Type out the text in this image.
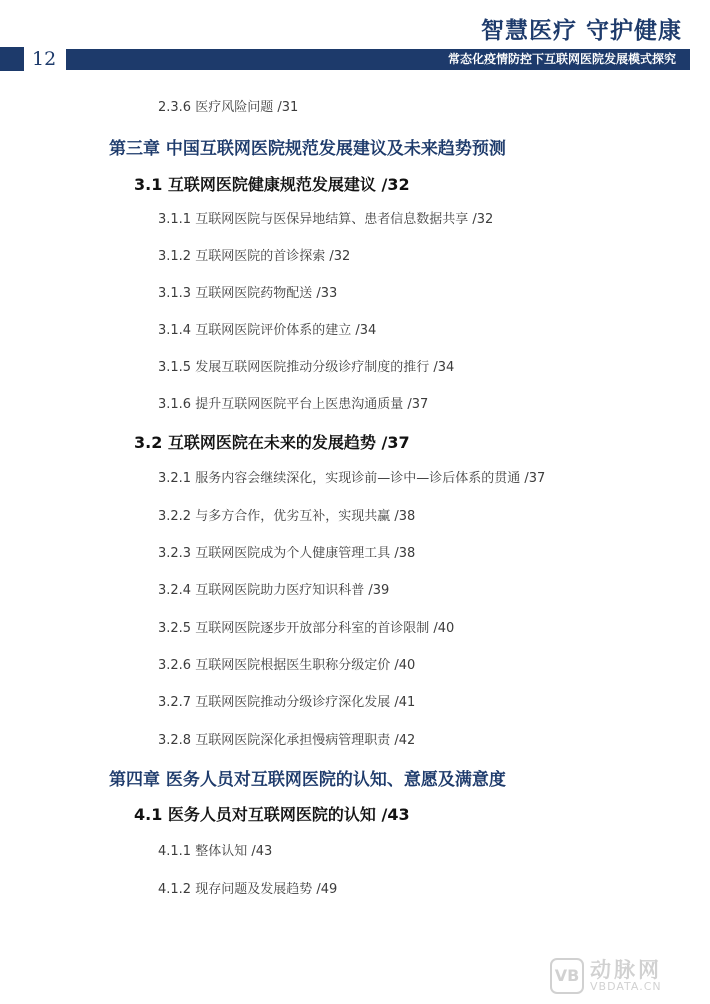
智慧医疗 守护健康
12	常态化疫情防控下互联网医院发展模式探究
2.3.6 医疗风险问题 /31
第三章 中国互联网医院规范发展建议及未来趋势预测
3.1 互联网医院健康规范发展建议 /32
3.1.1 互联网医院与医保异地结算、患者信息数据共享 /32
3.1.2 互联网医院的首诊探索 /32
3.1.3 互联网医院药物配送 /33
3.1.4 互联网医院评价体系的建立 /34
3.1.5 发展互联网医院推动分级诊疗制度的推行 /34
3.1.6 提升互联网医院平台上医患沟通质量 /37
3.2 互联网医院在未来的发展趋势 /37
3.2.1 服务内容会继续深化，实现诊前—诊中—诊后体系的贯通 /37
3.2.2 与多方合作，优劣互补，实现共赢 /38
3.2.3 互联网医院成为个人健康管理工具 /38
3.2.4 互联网医院助力医疗知识科普 /39
3.2.5 互联网医院逐步开放部分科室的首诊限制 /40
3.2.6 互联网医院根据医生职称分级定价 /40
3.2.7 互联网医院推动分级诊疗深化发展 /41
3.2.8 互联网医院深化承担慢病管理职责 /42
第四章 医务人员对互联网医院的认知、意愿及满意度
4.1 医务人员对互联网医院的认知 /43
4.1.1 整体认知 /43
4.1.2 现存问题及发展趋势 /49
VB 动脉网
VBDATA.CN
